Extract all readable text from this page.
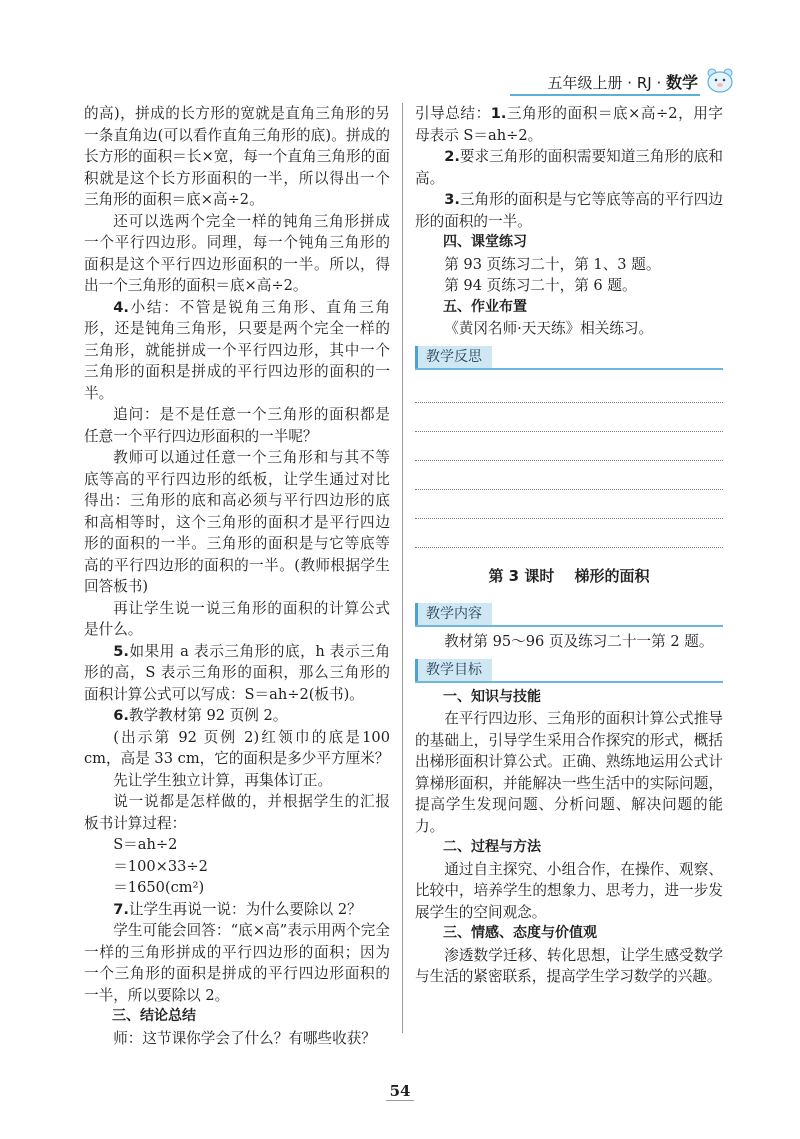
五年级上册 · RJ · 数学

的高)，拼成的长方形的宽就是直角三角形的另一条直角边(可以看作直角三角形的底)。拼成的长方形的面积＝长×宽，每一个直角三角形的面积就是这个长方形面积的一半，所以得出一个三角形的面积＝底×高÷2。

还可以选两个完全一样的钝角三角形拼成一个平行四边形。同理，每一个钝角三角形的面积是这个平行四边形面积的一半。所以，得出一个三角形的面积＝底×高÷2。

4.小结：不管是锐角三角形、直角三角形，还是钝角三角形，只要是两个完全一样的三角形，就能拼成一个平行四边形，其中一个三角形的面积是拼成的平行四边形的面积的一半。

追问：是不是任意一个三角形的面积都是任意一个平行四边形面积的一半呢？

教师可以通过任意一个三角形和与其不等底等高的平行四边形的纸板，让学生通过对比得出：三角形的底和高必须与平行四边形的底和高相等时，这个三角形的面积才是平行四边形的面积的一半。三角形的面积是与它等底等高的平行四边形的面积的一半。(教师根据学生回答板书)

再让学生说一说三角形的面积的计算公式是什么。

5.如果用 a 表示三角形的底，h 表示三角形的高，S 表示三角形的面积，那么三角形的面积计算公式可以写成：S＝ah÷2(板书)。

6.教学教材第 92 页例 2。

(出示第 92 页例 2)红领巾的底是100 cm，高是 33 cm，它的面积是多少平方厘米？

先让学生独立计算，再集体订正。

说一说都是怎样做的，并根据学生的汇报板书计算过程：

S＝ah÷2

＝100×33÷2

＝1650(cm²)

7.让学生再说一说：为什么要除以 2？

学生可能会回答：“底×高”表示用两个完全一样的三角形拼成的平行四边形的面积；因为一个三角形的面积是拼成的平行四边形面积的一半，所以要除以 2。

三、结论总结

师：这节课你学会了什么？有哪些收获？

引导总结：1.三角形的面积＝底×高÷2，用字母表示 S＝ah÷2。

2.要求三角形的面积需要知道三角形的底和高。

3.三角形的面积是与它等底等高的平行四边形的面积的一半。

四、课堂练习

第 93 页练习二十，第 1、3 题。

第 94 页练习二十，第 6 题。

五、作业布置

《黄冈名师·天天练》相关练习。

教学反思
第 3 课时　 梯形的面积
教学内容

教材第 95～96 页及练习二十一第 2 题。

教学目标

一、知识与技能

在平行四边形、三角形的面积计算公式推导的基础上，引导学生采用合作探究的形式，概括出梯形面积计算公式。正确、熟练地运用公式计算梯形面积，并能解决一些生活中的实际问题，提高学生发现问题、分析问题、解决问题的能力。

二、过程与方法

通过自主探究、小组合作，在操作、观察、比较中，培养学生的想象力、思考力，进一步发展学生的空间观念。

三、情感、态度与价值观

渗透数学迁移、转化思想，让学生感受数学与生活的紧密联系，提高学生学习数学的兴趣。

54
